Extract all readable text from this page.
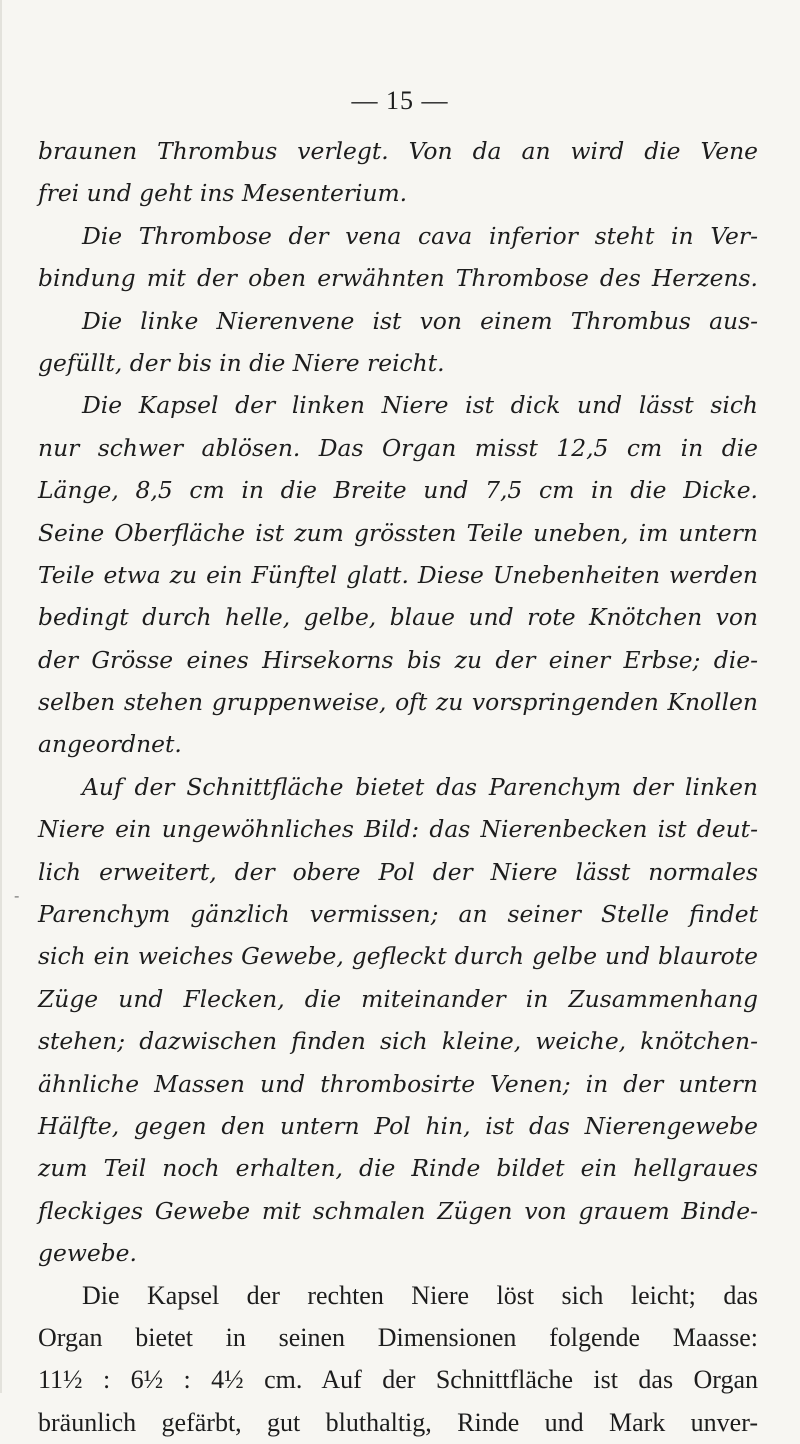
— 15 —
-
braunen Thrombus verlegt. Von da an wird die Vene
frei und geht ins Mesenterium.
Die Thrombose der vena cava inferior steht in Ver-
bindung mit der oben erwähnten Thrombose des Herzens.
Die linke Nierenvene ist von einem Thrombus aus-
gefüllt, der bis in die Niere reicht.
Die Kapsel der linken Niere ist dick und lässt sich
nur schwer ablösen. Das Organ misst 12,5 cm in die
Länge, 8,5 cm in die Breite und 7,5 cm in die Dicke.
Seine Oberfläche ist zum grössten Teile uneben, im untern
Teile etwa zu ein Fünftel glatt. Diese Unebenheiten werden
bedingt durch helle, gelbe, blaue und rote Knötchen von
der Grösse eines Hirsekorns bis zu der einer Erbse; die-
selben stehen gruppenweise, oft zu vorspringenden Knollen
angeordnet.
Auf der Schnittfläche bietet das Parenchym der linken
Niere ein ungewöhnliches Bild: das Nierenbecken ist deut-
lich erweitert, der obere Pol der Niere lässt normales
Parenchym gänzlich vermissen; an seiner Stelle findet
sich ein weiches Gewebe, gefleckt durch gelbe und blaurote
Züge und Flecken, die miteinander in Zusammenhang
stehen; dazwischen finden sich kleine, weiche, knötchen-
ähnliche Massen und thrombosirte Venen; in der untern
Hälfte, gegen den untern Pol hin, ist das Nierengewebe
zum Teil noch erhalten, die Rinde bildet ein hellgraues
fleckiges Gewebe mit schmalen Zügen von grauem Binde-
gewebe.
Die Kapsel der rechten Niere löst sich leicht; das
Organ bietet in seinen Dimensionen folgende Maasse:
11½ : 6½ : 4½ cm. Auf der Schnittfläche ist das Organ
bräunlich gefärbt, gut bluthaltig, Rinde und Mark unver-
